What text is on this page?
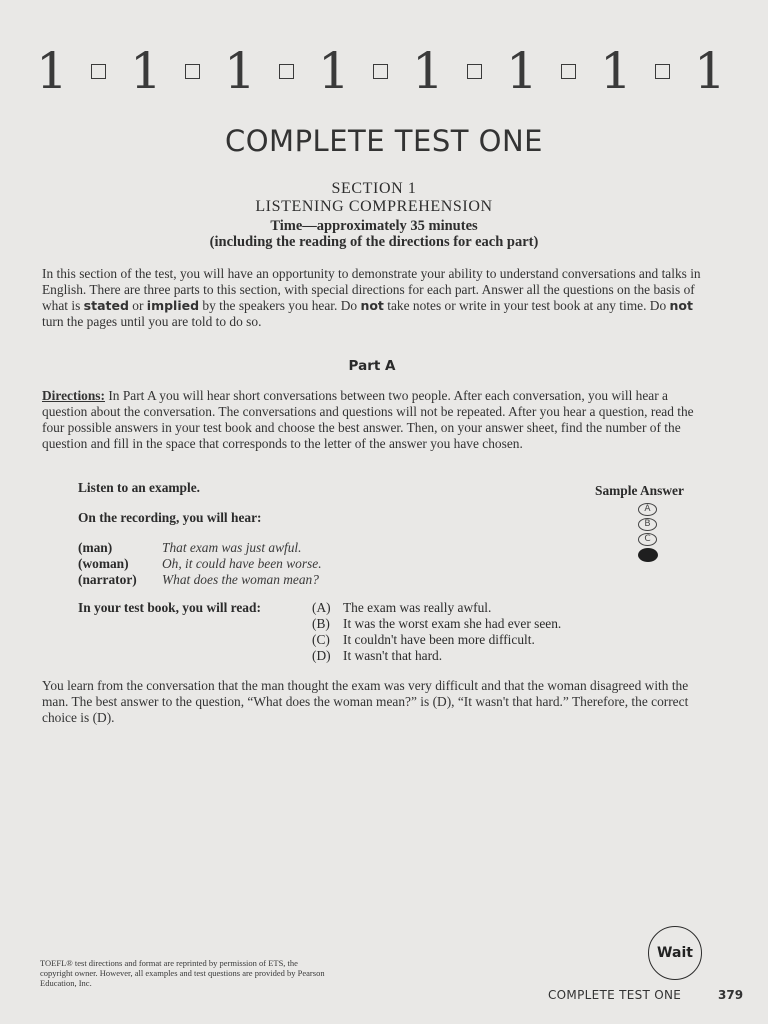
1 1 1 1 1 1 1 1
COMPLETE TEST ONE
SECTION 1
LISTENING COMPREHENSION
Time—approximately 35 minutes
(including the reading of the directions for each part)
In this section of the test, you will have an opportunity to demonstrate your ability to understand conversations and talks in English. There are three parts to this section, with special directions for each part. Answer all the questions on the basis of what is stated or implied by the speakers you hear. Do not take notes or write in your test book at any time. Do not turn the pages until you are told to do so.
Part A
Directions: In Part A you will hear short conversations between two people. After each conversation, you will hear a question about the conversation. The conversations and questions will not be repeated. After you hear a question, read the four possible answers in your test book and choose the best answer. Then, on your answer sheet, find the number of the question and fill in the space that corresponds to the letter of the answer you have chosen.
Listen to an example.
On the recording, you will hear:
Sample Answer
A
B
C
(man)	That exam was just awful.
(woman)	Oh, it could have been worse.
(narrator)	What does the woman mean?
In your test book, you will read:	(A) The exam was really awful.
(B) It was the worst exam she had ever seen.
(C) It couldn't have been more difficult.
(D) It wasn't that hard.
You learn from the conversation that the man thought the exam was very difficult and that the woman disagreed with the man. The best answer to the question, “What does the woman mean?” is (D), “It wasn't that hard.” Therefore, the correct choice is (D).
TOEFL® test directions and format are reprinted by permission of ETS, the copyright owner. However, all examples and test questions are provided by Pearson Education, Inc.
Wait
COMPLETE TEST ONE	379
